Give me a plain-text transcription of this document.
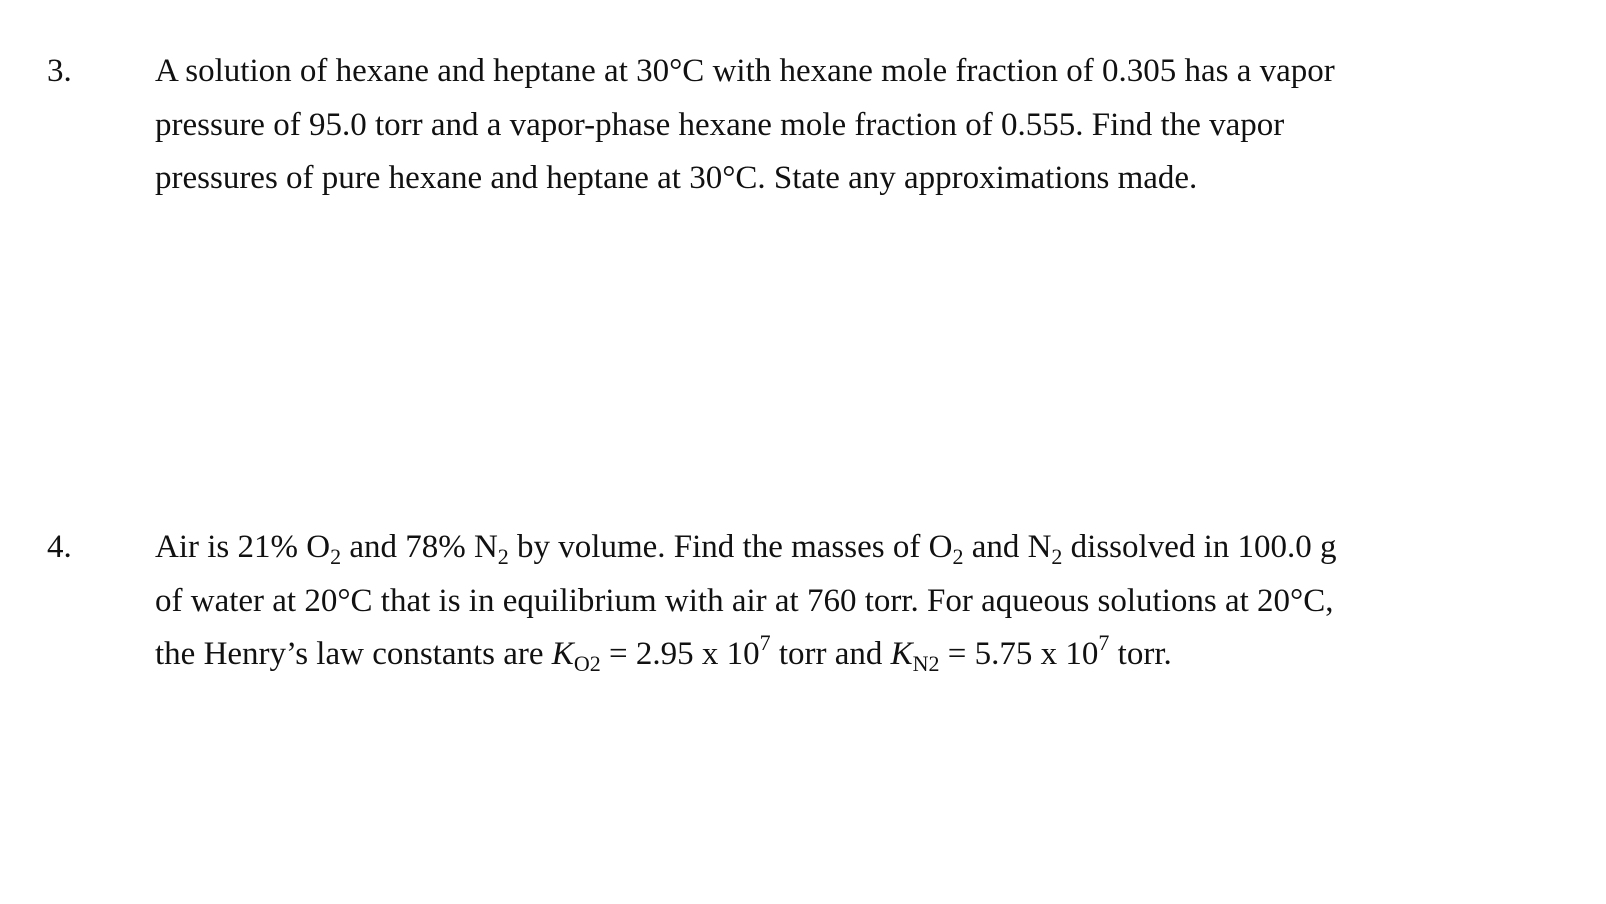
3.	A solution of hexane and heptane at 30°C with hexane mole fraction of 0.305 has a vapor
pressure of 95.0 torr and a vapor-phase hexane mole fraction of 0.555. Find the vapor
pressures of pure hexane and heptane at 30°C. State any approximations made.
4.	Air is 21% $O_2$ and 78% $N_2$ by volume. Find the masses of $O_2$ and $N_2$ dissolved in 100.0 g
of water at 20°C that is in equilibrium with air at 760 torr. For aqueous solutions at 20°C,
the Henry’s law constants are $K_{O2} = 2.95$ x $10^7$ torr and $K_{N2} = 5.75$ x $10^7$ torr.
